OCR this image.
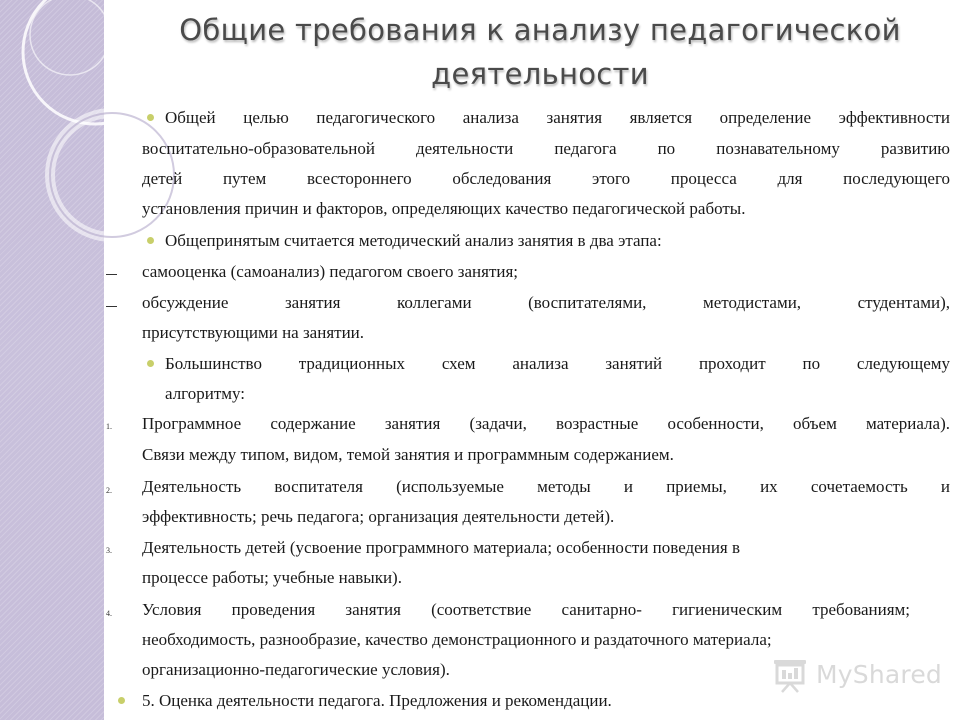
Общие требования к анализу педагогической деятельности
Общей целью педагогического анализа занятия является определение эффективности
воспитательно-образовательной деятельности педагога по познавательному развитию
детей путем всестороннего обследования этого процесса для последующего
установления причин и факторов, определяющих качество педагогической работы.
Общепринятым считается методический анализ занятия в два этапа:
самооценка (самоанализ) педагогом своего занятия;
обсуждение занятия коллегами (воспитателями, методистами, студентами),
присутствующими на занятии.
Большинство традиционных схем анализа занятий проходит по следующему
алгоритму:
1. Программное содержание занятия (задачи, возрастные особенности, объем материала).
Связи между типом, видом, темой занятия и программным содержанием.
2. Деятельность воспитателя (используемые методы и приемы, их сочетаемость и
эффективность; речь педагога; организация деятельности детей).
3. Деятельность детей (усвоение программного материала; особенности поведения в
процессе работы; учебные навыки).
4. Условия проведения занятия (соответствие санитарно- гигиеническим требованиям;
необходимость, разнообразие, качество демонстрационного и раздаточного материала;
организационно-педагогические условия).
5. Оценка деятельности педагога. Предложения и рекомендации.
MyShared
